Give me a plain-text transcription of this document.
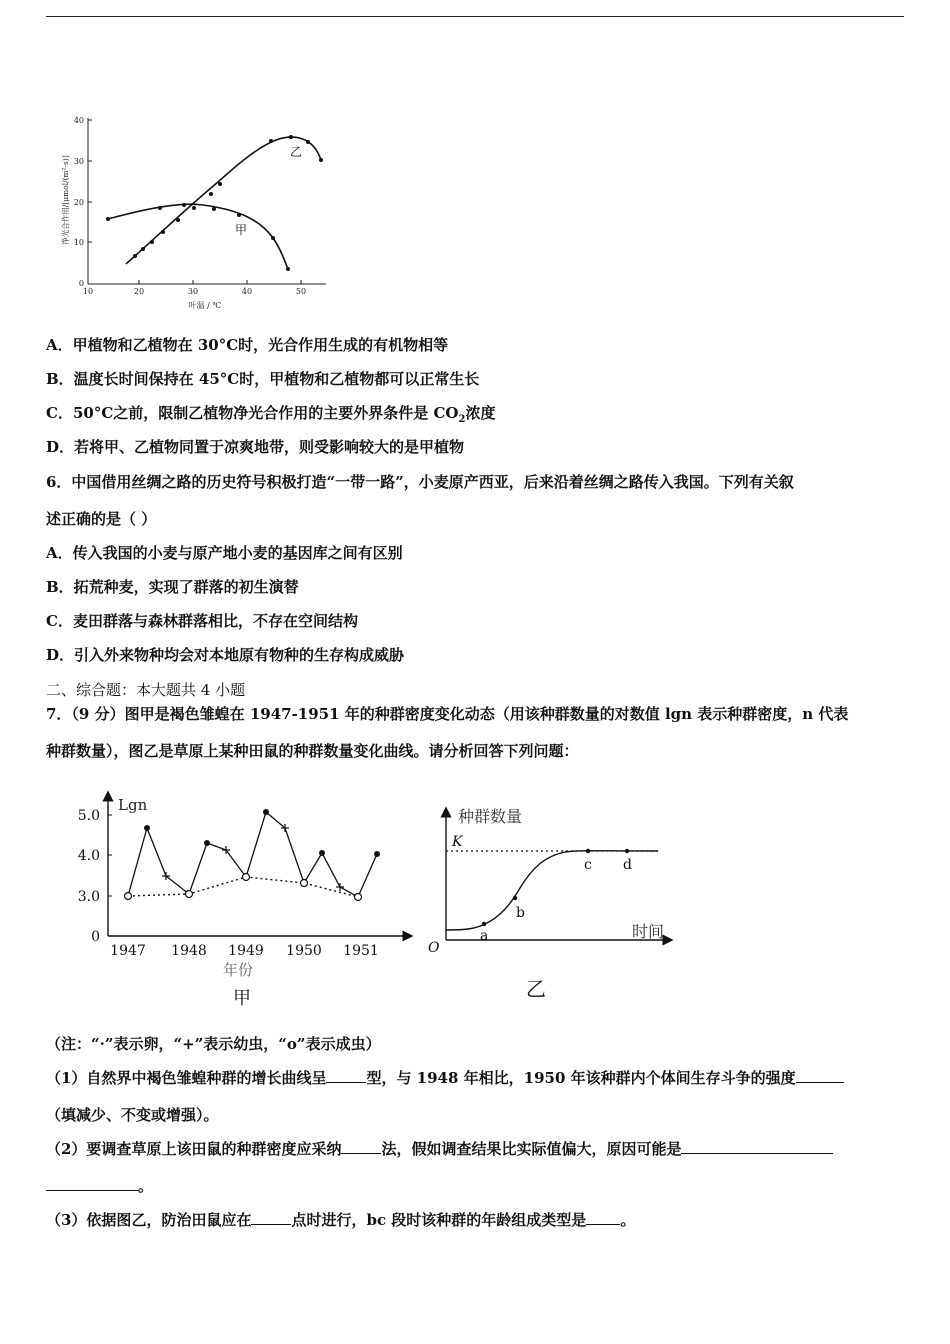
净光合作用/[μmol/(m²·s)]
40
30
20
10
0
10	20	30	40	50
叶温 / ℃
甲
乙
A．甲植物和乙植物在 30°C时，光合作用生成的有机物相等
B．温度长时间保持在 45°C时，甲植物和乙植物都可以正常生长
C．50°C之前，限制乙植物净光合作用的主要外界条件是 $CO_2$浓度
D．若将甲、乙植物同置于凉爽地带，则受影响较大的是甲植物
6．中国借用丝绸之路的历史符号积极打造“一带一路”，小麦原产西亚，后来沿着丝绸之路传入我国。下列有关叙
述正确的是（ ）
A．传入我国的小麦与原产地小麦的基因库之间有区别
B．拓荒种麦，实现了群落的初生演替
C．麦田群落与森林群落相比，不存在空间结构
D．引入外来物种均会对本地原有物种的生存构成威胁
二、综合题：本大题共 4 小题
7．（9 分）图甲是褐色雏蝗在 1947-1951 年的种群密度变化动态（用该种群数量的对数值 lgn 表示种群密度，n 代表
种群数量），图乙是草原上某种田鼠的种群数量变化曲线。请分析回答下列问题：
Lgn
5.0
4.0
3.0
0
1947 1948 1949 1950 1951
年份
甲
种群数量
K
O
时间
a
b
c d
乙
（注：“·”表示卵，“+”表示幼虫，“o”表示成虫）
（1）自然界中褐色雏蝗种群的增长曲线呈	型，与 1948 年相比，1950 年该种群内个体间生存斗争的强度
（填减少、不变或增强）。
（2）要调查草原上该田鼠的种群密度应采纳	法，假如调查结果比实际值偏大，原因可能是
。
（3）依据图乙，防治田鼠应在	点时进行，bc 段时该种群的年龄组成类型是 。
